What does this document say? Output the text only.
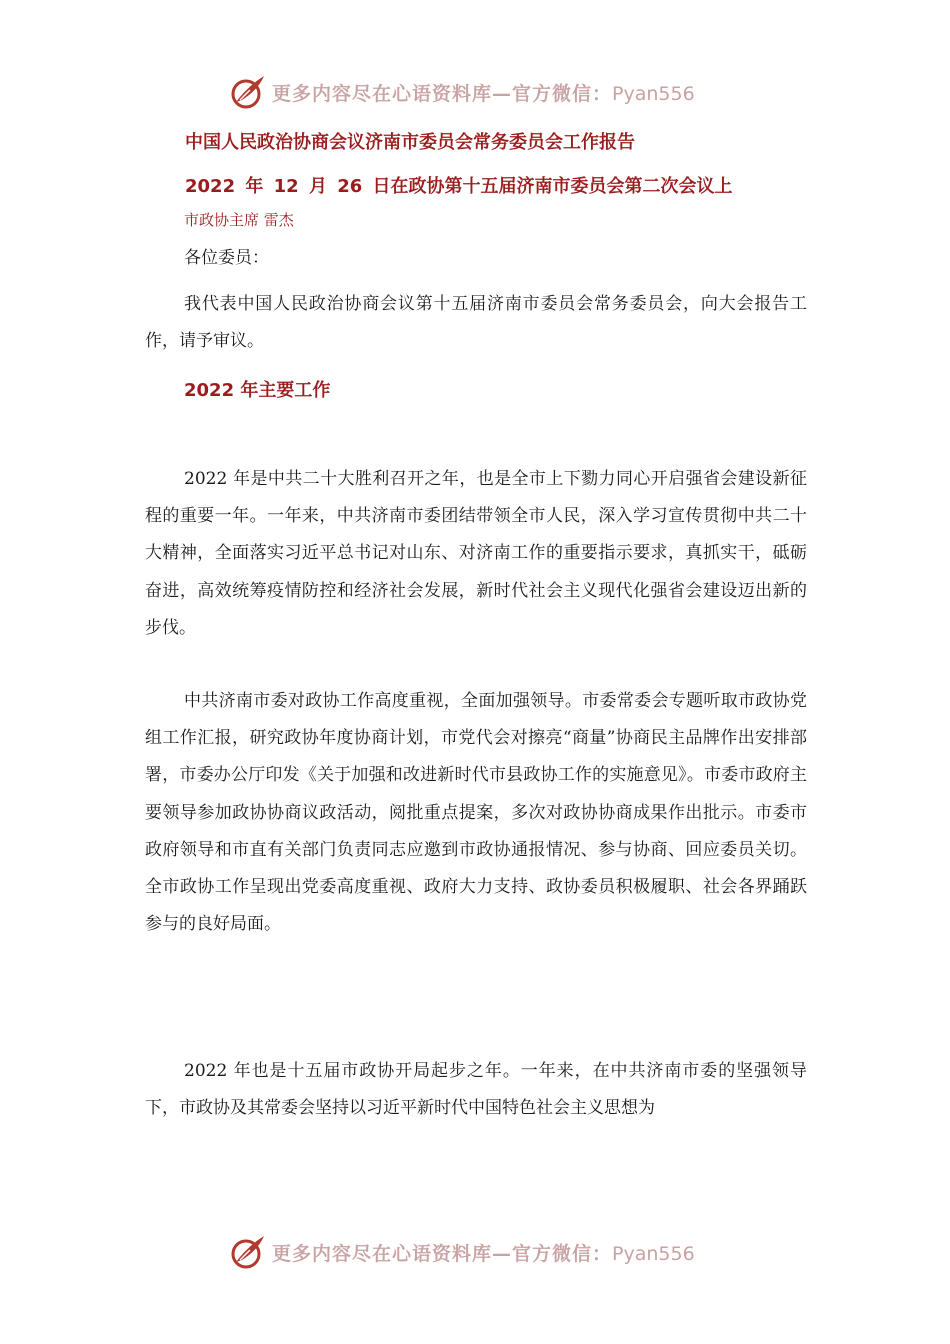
更多内容尽在心语资料库—官方微信：Pyan556
中国人民政治协商会议济南市委员会常务委员会工作报告
2022 年 12 月 26 日在政协第十五届济南市委员会第二次会议上
市政协主席 雷杰
各位委员：

我代表中国人民政治协商会议第十五届济南市委员会常务委员会，向大会报告工作，请予审议。

2022 年主要工作

2022 年是中共二十大胜利召开之年，也是全市上下勠力同心开启强省会建设新征程的重要一年。一年来，中共济南市委团结带领全市人民，深入学习宣传贯彻中共二十大精神，全面落实习近平总书记对山东、对济南工作的重要指示要求，真抓实干，砥砺奋进，高效统筹疫情防控和经济社会发展，新时代社会主义现代化强省会建设迈出新的步伐。

中共济南市委对政协工作高度重视，全面加强领导。市委常委会专题听取市政协党组工作汇报，研究政协年度协商计划，市党代会对擦亮“商量”协商民主品牌作出安排部署，市委办公厅印发《关于加强和改进新时代市县政协工作的实施意见》。市委市政府主要领导参加政协协商议政活动，阅批重点提案，多次对政协协商成果作出批示。市委市政府领导和市直有关部门负责同志应邀到市政协通报情况、参与协商、回应委员关切。全市政协工作呈现出党委高度重视、政府大力支持、政协委员积极履职、社会各界踊跃参与的良好局面。

2022 年也是十五届市政协开局起步之年。一年来，在中共济南市委的坚强领导下，市政协及其常委会坚持以习近平新时代中国特色社会主义思想为

更多内容尽在心语资料库—官方微信：Pyan556
